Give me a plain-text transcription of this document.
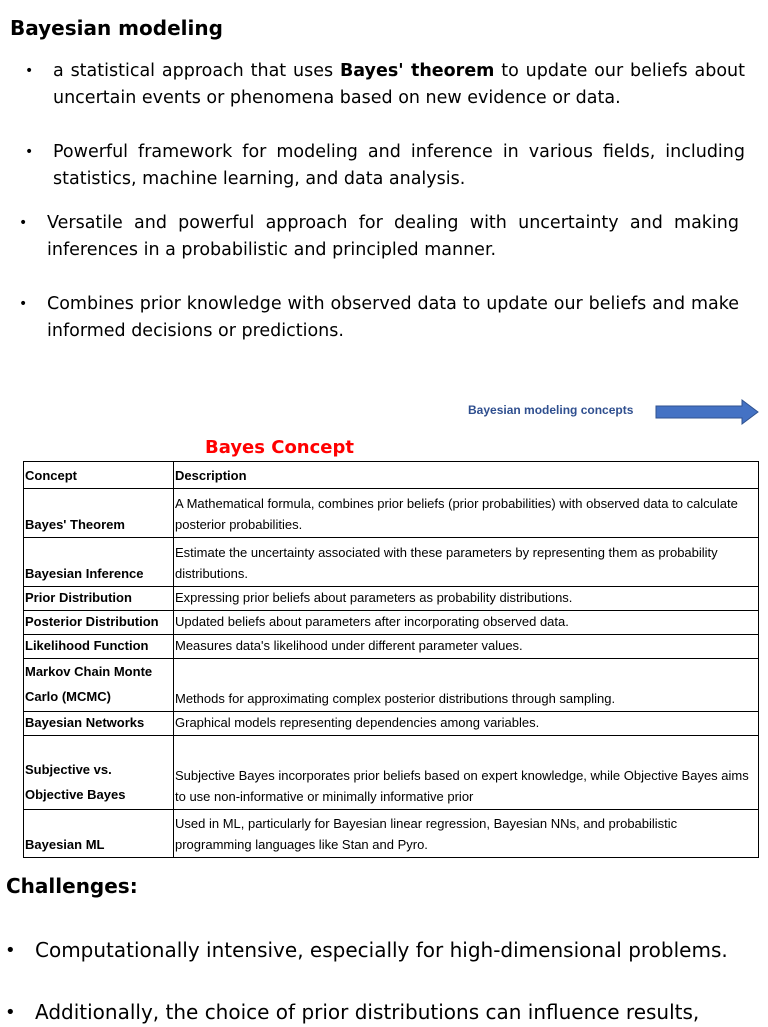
Bayesian modeling
• a statistical approach that uses Bayes' theorem to update our beliefs about uncertain events or phenomena based on new evidence or data.
• Powerful framework for modeling and inference in various fields, including statistics, machine learning, and data analysis.
• Versatile and powerful approach for dealing with uncertainty and making inferences in a probabilistic and principled manner.
• Combines prior knowledge with observed data to update our beliefs and make informed decisions or predictions.
Bayesian modeling concepts
Bayes Concept
Concept	Description
Bayes' Theorem	A Mathematical formula, combines prior beliefs (prior probabilities) with observed data to calculate posterior probabilities.
Bayesian Inference	Estimate the uncertainty associated with these parameters by representing them as probability distributions.
Prior Distribution	Expressing prior beliefs about parameters as probability distributions.
Posterior Distribution	Updated beliefs about parameters after incorporating observed data.
Likelihood Function	Measures data's likelihood under different parameter values.
Markov Chain Monte Carlo (MCMC)	Methods for approximating complex posterior distributions through sampling.
Bayesian Networks	Graphical models representing dependencies among variables.
Subjective vs. Objective Bayes	Subjective Bayes incorporates prior beliefs based on expert knowledge, while Objective Bayes aims to use non-informative or minimally informative prior
Bayesian ML	Used in ML, particularly for Bayesian linear regression, Bayesian NNs, and probabilistic programming languages like Stan and Pyro.
Challenges:
• Computationally intensive, especially for high-dimensional problems.
• Additionally, the choice of prior distributions can influence results,
